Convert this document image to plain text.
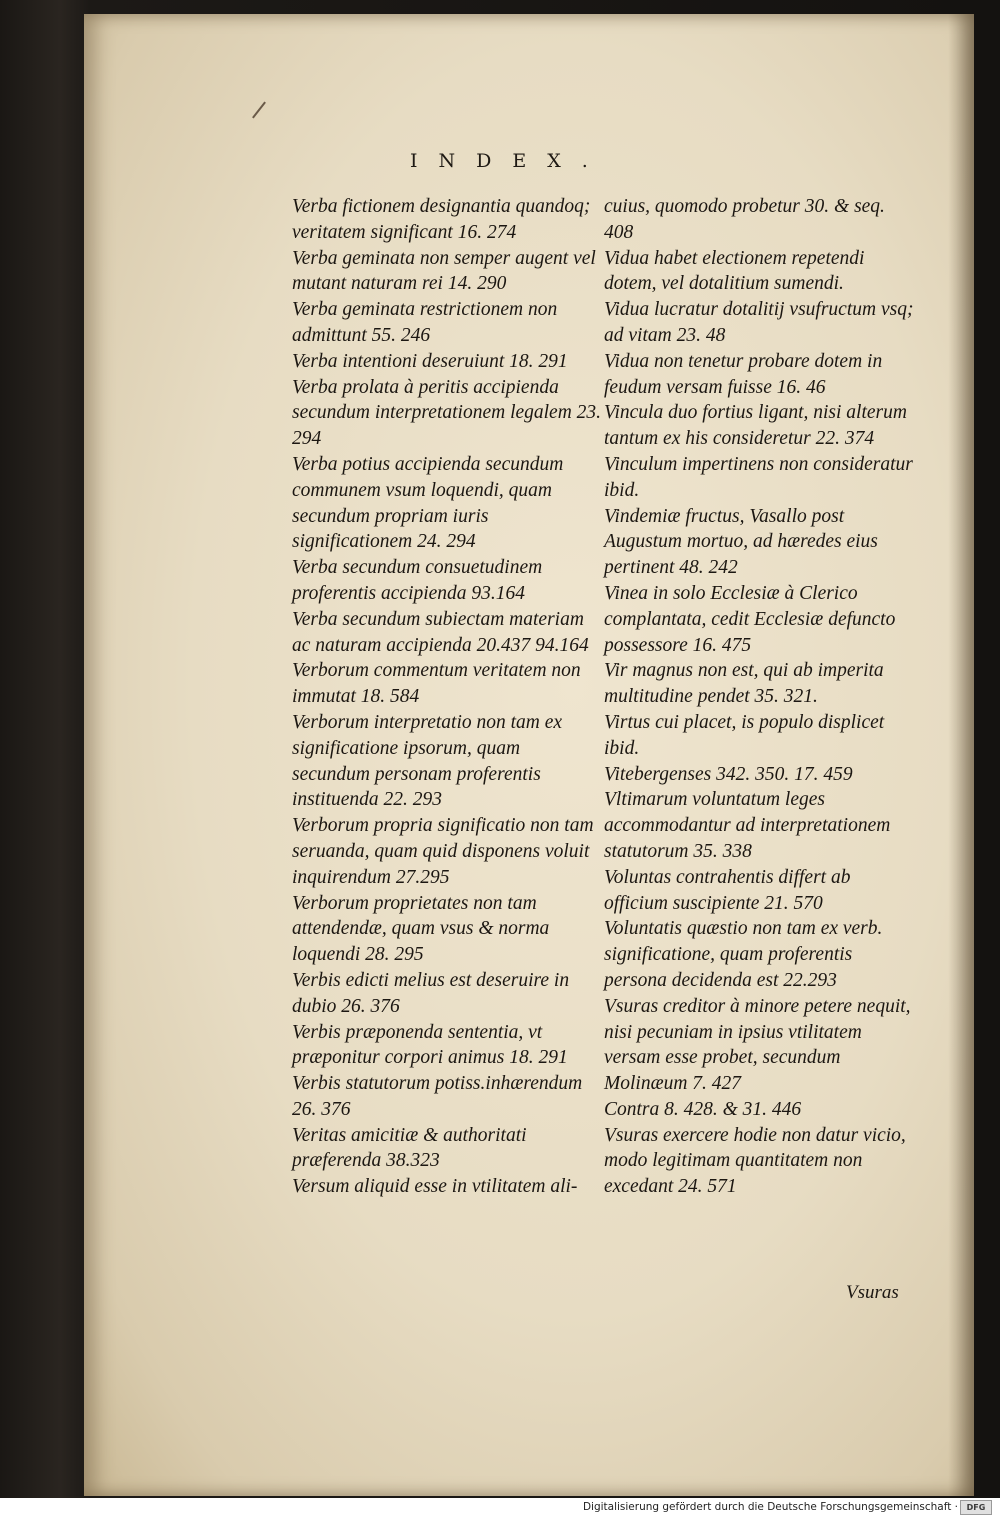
INDEX.

Verba fictionem designantia quandoq; veritatem significant 16. 274

Verba geminata non semper augent vel mutant naturam rei 14. 290

Verba geminata restrictionem non admittunt 55. 246

Verba intentioni deseruiunt 18. 291

Verba prolata à peritis accipienda secundum interpretationem legalem 23. 294

Verba potius accipienda secundum communem vsum loquendi, quam secundum propriam iuris significationem 24. 294

Verba secundum consuetudinem proferentis accipienda 93.164

Verba secundum subiectam materiam ac naturam accipienda 20.437 94.164

Verborum commentum veritatem non immutat 18. 584

Verborum interpretatio non tam ex significatione ipsorum, quam secundum personam proferentis instituenda 22. 293

Verborum propria significatio non tam seruanda, quam quid disponens voluit inquirendum 27.295

Verborum proprietates non tam attendendæ, quam vsus & norma loquendi 28. 295

Verbis edicti melius est deseruire in dubio 26. 376

Verbis præponenda sententia, vt præponitur corpori animus 18. 291

Verbis statutorum potiss.inhærendum 26. 376

Veritas amicitiæ & authoritati præferenda 38.323

Versum aliquid esse in vtilitatem ali-

cuius, quomodo probetur 30. & seq. 408

Vidua habet electionem repetendi dotem, vel dotalitium sumendi.

Vidua lucratur dotalitij vsufructum vsq; ad vitam 23. 48

Vidua non tenetur probare dotem in feudum versam fuisse 16. 46

Vincula duo fortius ligant, nisi alterum tantum ex his consideretur 22. 374

Vinculum impertinens non consideratur ibid.

Vindemiæ fructus, Vasallo post Augustum mortuo, ad hæredes eius pertinent 48. 242

Vinea in solo Ecclesiæ à Clerico complantata, cedit Ecclesiæ defuncto possessore 16. 475

Vir magnus non est, qui ab imperita multitudine pendet 35. 321.

Virtus cui placet, is populo displicet ibid.

Vitebergenses 342. 350. 17. 459

Vltimarum voluntatum leges accommodantur ad interpretationem statutorum 35. 338

Voluntas contrahentis differt ab officium suscipiente 21. 570

Voluntatis quæstio non tam ex verb. significatione, quam proferentis persona decidenda est 22.293

Vsuras creditor à minore petere nequit, nisi pecuniam in ipsius vtilitatem versam esse probet, secundum Molinæum 7. 427

Contra 8. 428. & 31. 446

Vsuras exercere hodie non datur vicio, modo legitimam quantitatem non excedant 24. 571

Vsuras
Digitalisierung gefördert durch die Deutsche Forschungsgemeinschaft ·	DFG
